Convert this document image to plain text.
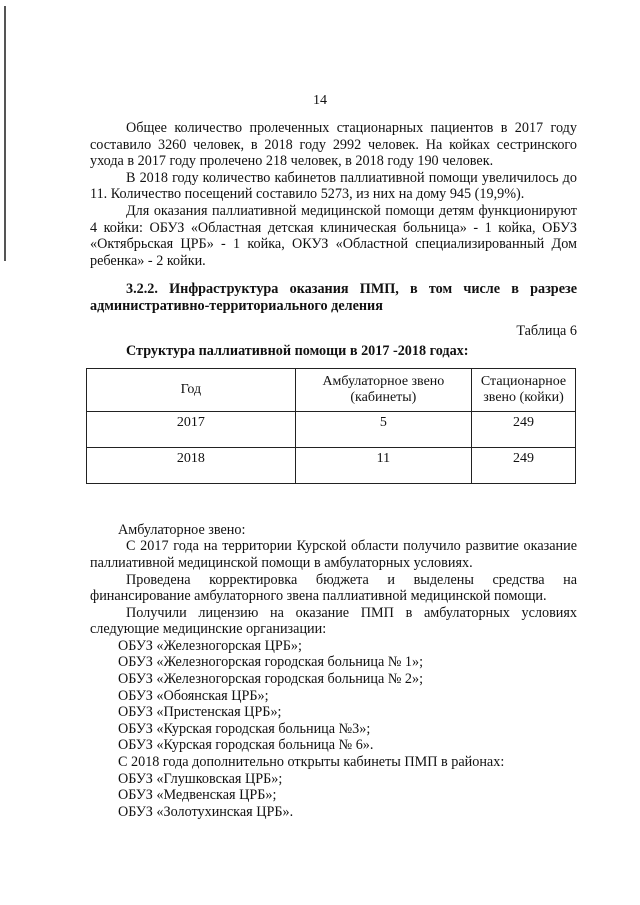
14

Общее количество пролеченных стационарных пациентов в 2017 году составило 3260 человек, в 2018 году 2992 человек. На койках сестринского ухода в 2017 году пролечено 218 человек, в 2018 году 190 человек.

В 2018 году количество кабинетов паллиативной помощи увеличилось до 11. Количество посещений составило 5273, из них на дому 945 (19,9%).

Для оказания паллиативной медицинской помощи детям функционируют 4 койки: ОБУЗ «Областная детская клиническая больница» - 1 койка, ОБУЗ «Октябрьская ЦРБ» - 1 койка, ОКУЗ «Областной специализированный Дом ребенка» - 2 койки.

3.2.2. Инфраструктура оказания ПМП, в том числе в разрезе административно-территориального деления

Таблица 6

Структура паллиативной помощи в 2017 -2018 годах:

Год	Амбулаторное звено (кабинеты)	Стационарное звено (койки)
2017	5	249
2018	11	249

Амбулаторное звено:

С 2017 года на территории Курской области получило развитие оказание паллиативной медицинской помощи в амбулаторных условиях.

Проведена корректировка бюджета и выделены средства на финансирование амбулаторного звена паллиативной медицинской помощи.

Получили лицензию на оказание ПМП в амбулаторных условиях следующие медицинские организации:

ОБУЗ «Железногорская ЦРБ»;

ОБУЗ «Железногорская городская больница № 1»;

ОБУЗ «Железногорская городская больница № 2»;

ОБУЗ «Обоянская ЦРБ»;

ОБУЗ «Пристенская ЦРБ»;

ОБУЗ «Курская городская больница №3»;

ОБУЗ «Курская городская больница № 6».

С 2018 года дополнительно открыты кабинеты ПМП в районах:

ОБУЗ «Глушковская ЦРБ»;

ОБУЗ «Медвенская ЦРБ»;

ОБУЗ «Золотухинская ЦРБ».
